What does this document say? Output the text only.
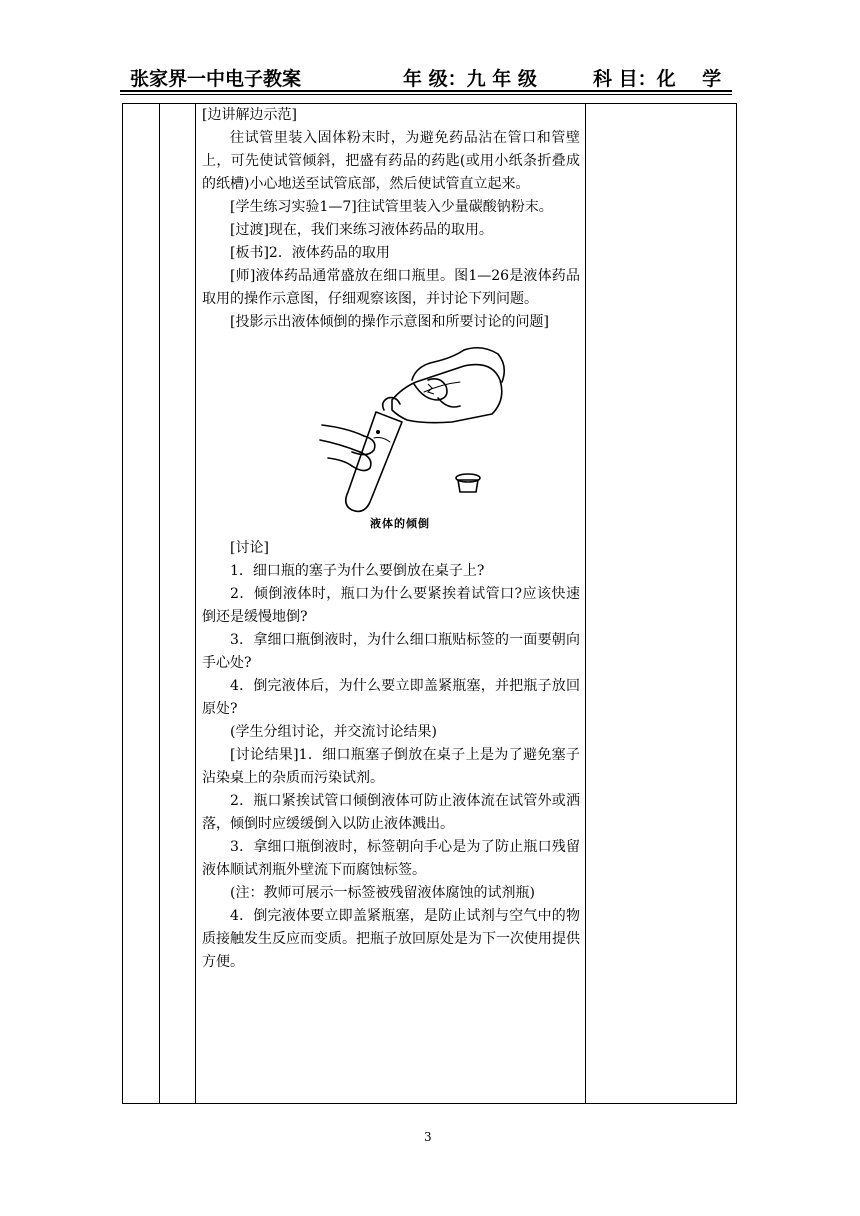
张家界一中电子教案	年 级：九 年 级	科 目：化    学

[边讲解边示范]

往试管里装入固体粉末时，为避免药品沾在管口和管壁上，可先使试管倾斜，把盛有药品的药匙(或用小纸条折叠成的纸槽)小心地送至试管底部，然后使试管直立起来。

[学生练习实验1—7]往试管里装入少量碳酸钠粉末。

[过渡]现在，我们来练习液体药品的取用。

[板书]2．液体药品的取用

[师]液体药品通常盛放在细口瓶里。图1—26是液体药品取用的操作示意图，仔细观察该图，并讨论下列问题。

[投影示出液体倾倒的操作示意图和所要讨论的问题]

液体的倾倒

[讨论]

1．细口瓶的塞子为什么要倒放在桌子上?

2．倾倒液体时，瓶口为什么要紧挨着试管口?应该快速倒还是缓慢地倒?

3．拿细口瓶倒液时，为什么细口瓶贴标签的一面要朝向手心处?

4．倒完液体后，为什么要立即盖紧瓶塞，并把瓶子放回原处?

(学生分组讨论，并交流讨论结果)

[讨论结果]1．细口瓶塞子倒放在桌子上是为了避免塞子沾染桌上的杂质而污染试剂。

2．瓶口紧挨试管口倾倒液体可防止液体流在试管外或洒落，倾倒时应缓缓倒入以防止液体溅出。

3．拿细口瓶倒液时，标签朝向手心是为了防止瓶口残留液体顺试剂瓶外壁流下而腐蚀标签。

(注：教师可展示一标签被残留液体腐蚀的试剂瓶)

4．倒完液体要立即盖紧瓶塞，是防止试剂与空气中的物质接触发生反应而变质。把瓶子放回原处是为下一次使用提供方便。

3
